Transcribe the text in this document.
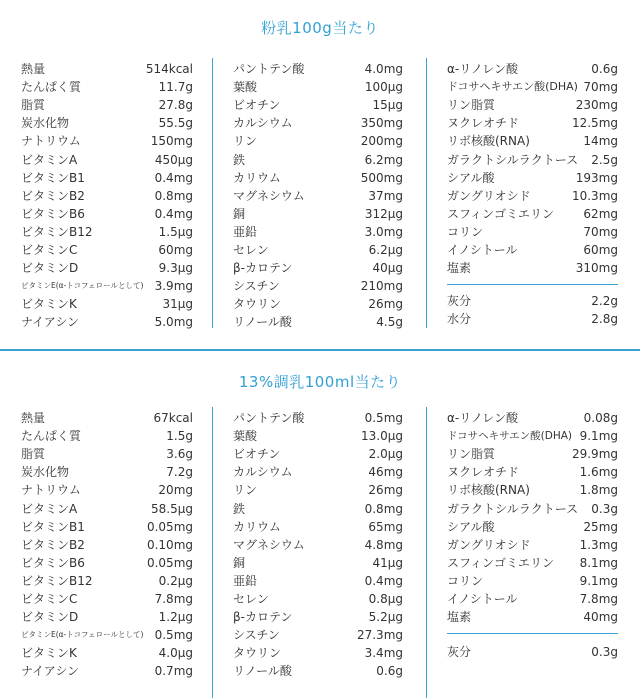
粉乳100g当たり
熱量	514kcal
たんぱく質	11.7g
脂質	27.8g
炭水化物	55.5g
ナトリウム	150mg
ビタミンA	450μg
ビタミンB1	0.4mg
ビタミンB2	0.8mg
ビタミンB6	0.4mg
ビタミンB12	1.5μg
ビタミンC	60mg
ビタミンD	9.3μg
ビタミンE(α-トコフェロールとして) 3.9mg
ビタミンK	31μg
ナイアシン	5.0mg
パントテン酸	4.0mg
葉酸	100μg
ビオチン	15μg
カルシウム	350mg
リン	200mg
鉄	6.2mg
カリウム	500mg
マグネシウム	37mg
銅	312μg
亜鉛	3.0mg
セレン	6.2μg
β-カロテン	40μg
シスチン	210mg
タウリン	26mg
リノール酸	4.5g
α-リノレン酸	0.6g
ドコサヘキサエン酸(DHA) 70mg
リン脂質	230mg
ヌクレオチド	12.5mg
リボ核酸(RNA)	14mg
ガラクトシルラクトース 2.5g
シアル酸	193mg
ガングリオシド	10.3mg
スフィンゴミエリン 62mg
コリン	70mg
イノシトール	60mg
塩素	310mg
灰分	2.2g
水分	2.8g
13%調乳100ml当たり
熱量	67kcal
たんぱく質	1.5g
脂質	3.6g
炭水化物	7.2g
ナトリウム	20mg
ビタミンA	58.5μg
ビタミンB1	0.05mg
ビタミンB2	0.10mg
ビタミンB6	0.05mg
ビタミンB12	0.2μg
ビタミンC	7.8mg
ビタミンD	1.2μg
ビタミンE(α-トコフェロールとして) 0.5mg
ビタミンK	4.0μg
ナイアシン	0.7mg
パントテン酸	0.5mg
葉酸	13.0μg
ビオチン	2.0μg
カルシウム	46mg
リン	26mg
鉄	0.8mg
カリウム	65mg
マグネシウム	4.8mg
銅	41μg
亜鉛	0.4mg
セレン	0.8μg
β-カロテン	5.2μg
シスチン	27.3mg
タウリン	3.4mg
リノール酸	0.6g
α-リノレン酸	0.08g
ドコサヘキサエン酸(DHA) 9.1mg
リン脂質	29.9mg
ヌクレオチド	1.6mg
リボ核酸(RNA)	1.8mg
ガラクトシルラクトース 0.3g
シアル酸	25mg
ガングリオシド	1.3mg
スフィンゴミエリン 8.1mg
コリン	9.1mg
イノシトール	7.8mg
塩素	40mg
灰分	0.3g
